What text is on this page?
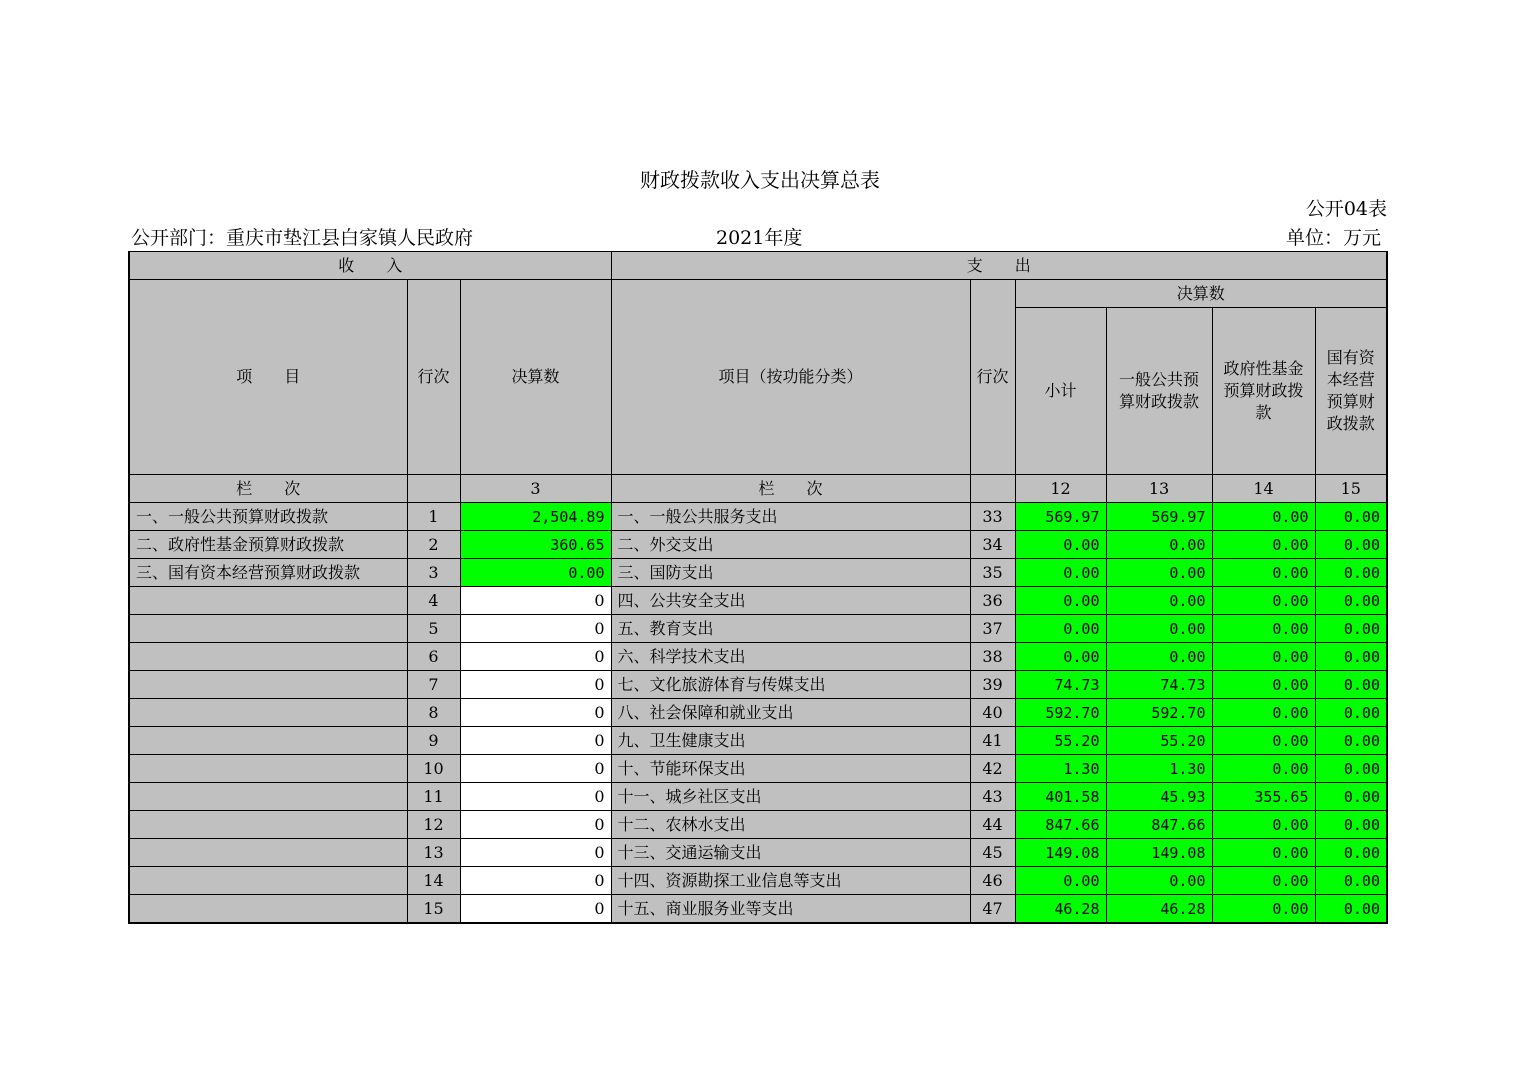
财政拨款收入支出决算总表
公开04表
公开部门：重庆市垫江县白家镇人民政府	2021年度	单位：万元
收　　入			支　　出					
项　　目	行次	决算数	项目（按功能分类）	行次	决算数			
					小计	一般公共预算财政拨款	政府性基金预算财政拨款	国有资本经营预算财政拨款
栏　　次		3	栏　　次		12	13	14	15
一、一般公共预算财政拨款	1	2,504.89	一、一般公共服务支出	33	569.97	569.97	0.00	0.00
二、政府性基金预算财政拨款	2	360.65	二、外交支出	34	0.00	0.00	0.00	0.00
三、国有资本经营预算财政拨款	3	0.00	三、国防支出	35	0.00	0.00	0.00	0.00
	4	0	四、公共安全支出	36	0.00	0.00	0.00	0.00
	5	0	五、教育支出	37	0.00	0.00	0.00	0.00
	6	0	六、科学技术支出	38	0.00	0.00	0.00	0.00
	7	0	七、文化旅游体育与传媒支出	39	74.73	74.73	0.00	0.00
	8	0	八、社会保障和就业支出	40	592.70	592.70	0.00	0.00
	9	0	九、卫生健康支出	41	55.20	55.20	0.00	0.00
	10	0	十、节能环保支出	42	1.30	1.30	0.00	0.00
	11	0	十一、城乡社区支出	43	401.58	45.93	355.65	0.00
	12	0	十二、农林水支出	44	847.66	847.66	0.00	0.00
	13	0	十三、交通运输支出	45	149.08	149.08	0.00	0.00
	14	0	十四、资源勘探工业信息等支出	46	0.00	0.00	0.00	0.00
	15	0	十五、商业服务业等支出	47	46.28	46.28	0.00	0.00
